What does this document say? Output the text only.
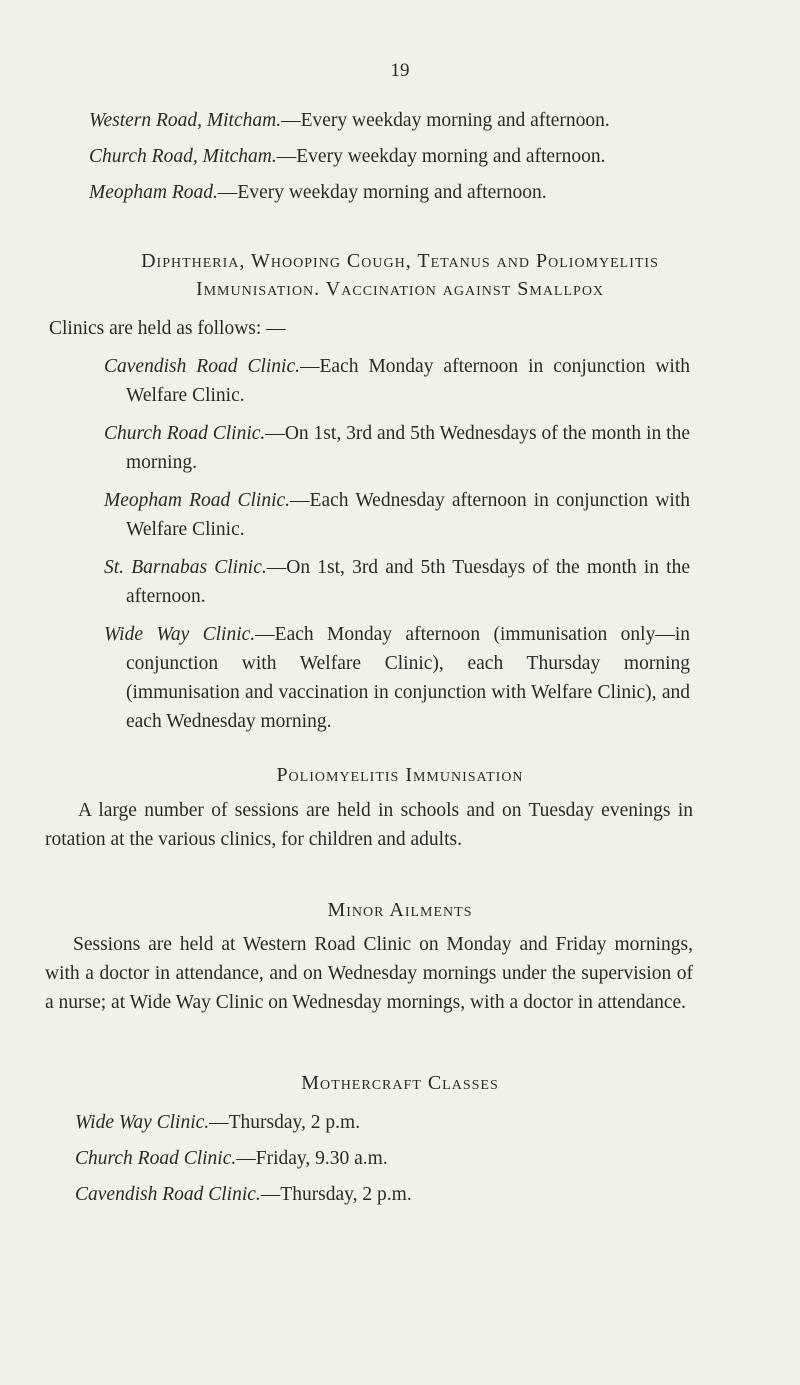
19
Western Road, Mitcham.—Every weekday morning and afternoon.
Church Road, Mitcham.—Every weekday morning and afternoon.
Meopham Road.—Every weekday morning and afternoon.
Diphtheria, Whooping Cough, Tetanus and Poliomyelitis
Immunisation. Vaccination against Smallpox
Clinics are held as follows: —

Cavendish Road Clinic.—Each Monday afternoon in conjunction with Welfare Clinic.

Church Road Clinic.—On 1st, 3rd and 5th Wednesdays of the month in the morning.

Meopham Road Clinic.—Each Wednesday afternoon in conjunction with Welfare Clinic.

St. Barnabas Clinic.—On 1st, 3rd and 5th Tuesdays of the month in the afternoon.

Wide Way Clinic.—Each Monday afternoon (immunisation only—in conjunction with Welfare Clinic), each Thursday morning (immunisation and vaccination in conjunction with Welfare Clinic), and each Wednesday morning.

Poliomyelitis Immunisation
A large number of sessions are held in schools and on Tuesday evenings in rotation at the various clinics, for children and adults.
Minor Ailments
Sessions are held at Western Road Clinic on Monday and Friday mornings, with a doctor in attendance, and on Wednesday mornings under the supervision of a nurse; at Wide Way Clinic on Wednesday mornings, with a doctor in attendance.
Mothercraft Classes
Wide Way Clinic.—Thursday, 2 p.m.
Church Road Clinic.—Friday, 9.30 a.m.
Cavendish Road Clinic.—Thursday, 2 p.m.
